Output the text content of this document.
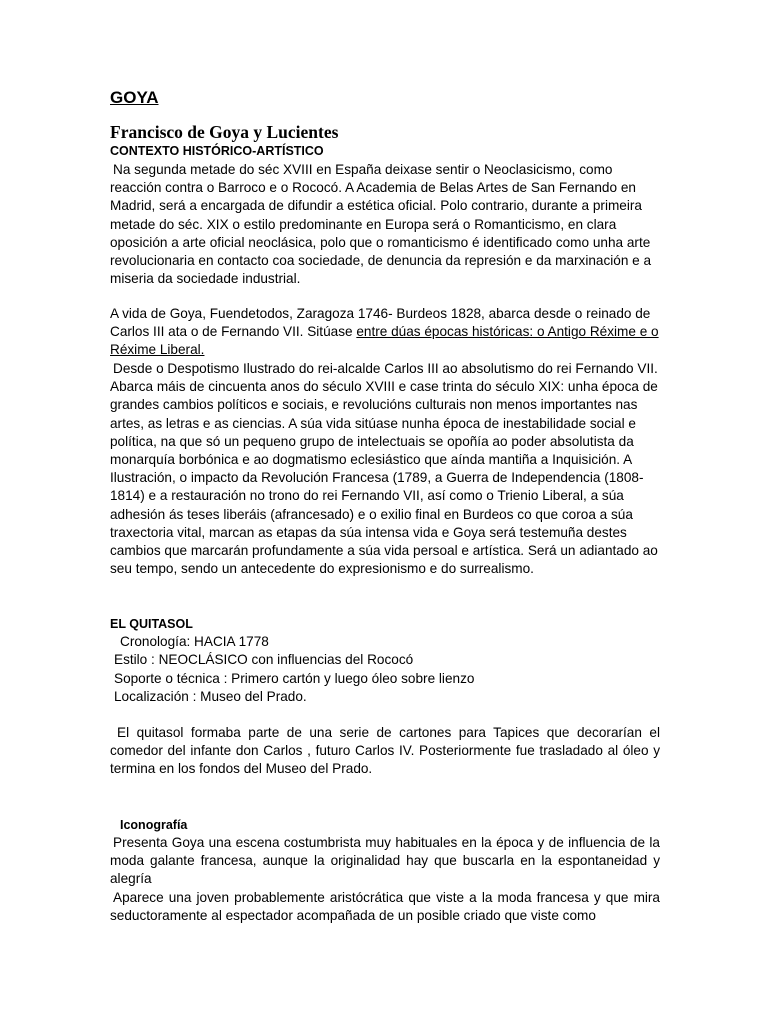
GOYA
Francisco de Goya y Lucientes
CONTEXTO HISTÓRICO-ARTÍSTICO

Na segunda metade do séc XVIII en España deixase sentir o Neoclasicismo, como reacción contra o Barroco e o Rococó. A Academia de Belas Artes de San Fernando en Madrid, será a encargada de difundir a estética oficial. Polo contrario, durante a primeira metade do séc. XIX o estilo predominante en Europa será o Romanticismo, en clara oposición a arte oficial neoclásica, polo que o romanticismo é identificado como unha arte revolucionaria en contacto coa sociedade, de denuncia da represión e da marxinación e a miseria da sociedade industrial.

A vida de Goya, Fuendetodos, Zaragoza 1746- Burdeos 1828, abarca desde o reinado de Carlos III ata o de Fernando VII. Sitúase entre dúas épocas históricas: o Antigo Réxime e o Réxime Liberal.

Desde o Despotismo Ilustrado do rei-alcalde Carlos III ao absolutismo do rei Fernando VII. Abarca máis de cincuenta anos do século XVIII e case trinta do século XIX: unha época de grandes cambios políticos e sociais, e revolucións culturais non menos importantes nas artes, as letras e as ciencias. A súa vida sitúase nunha época de inestabilidade social e política, na que só un pequeno grupo de intelectuais se opoñía ao poder absolutista da monarquía borbónica e ao dogmatismo eclesiástico que aínda mantiña a Inquisición. A Ilustración, o impacto da Revolución Francesa (1789, a Guerra de Independencia (1808-1814) e a restauración no trono do rei Fernando VII, así como o Trienio Liberal, a súa adhesión ás teses liberáis (afrancesado) e o exilio final en Burdeos co que coroa a súa traxectoria vital, marcan as etapas da súa intensa vida e Goya será testemuña destes cambios que marcarán profundamente a súa vida persoal e artística. Será un adiantado ao seu tempo, sendo un antecedente do expresionismo e do surrealismo.

EL QUITASOL
Cronología: HACIA 1778
Estilo : NEOCLÁSICO con influencias del Rococó
Soporte o técnica : Primero cartón y luego óleo sobre lienzo
Localización : Museo del Prado.

El quitasol formaba parte de una serie de cartones para Tapices que decorarían el comedor del infante don Carlos , futuro Carlos IV. Posteriormente fue trasladado al óleo y termina en los fondos del Museo del Prado.

Iconografía

Presenta Goya una escena costumbrista muy habituales en la época y de influencia de la moda galante francesa, aunque la originalidad hay que buscarla en la espontaneidad y alegría

Aparece una joven probablemente aristócrática que viste a la moda francesa y que mira seductoramente al espectador acompañada de un posible criado que viste como
